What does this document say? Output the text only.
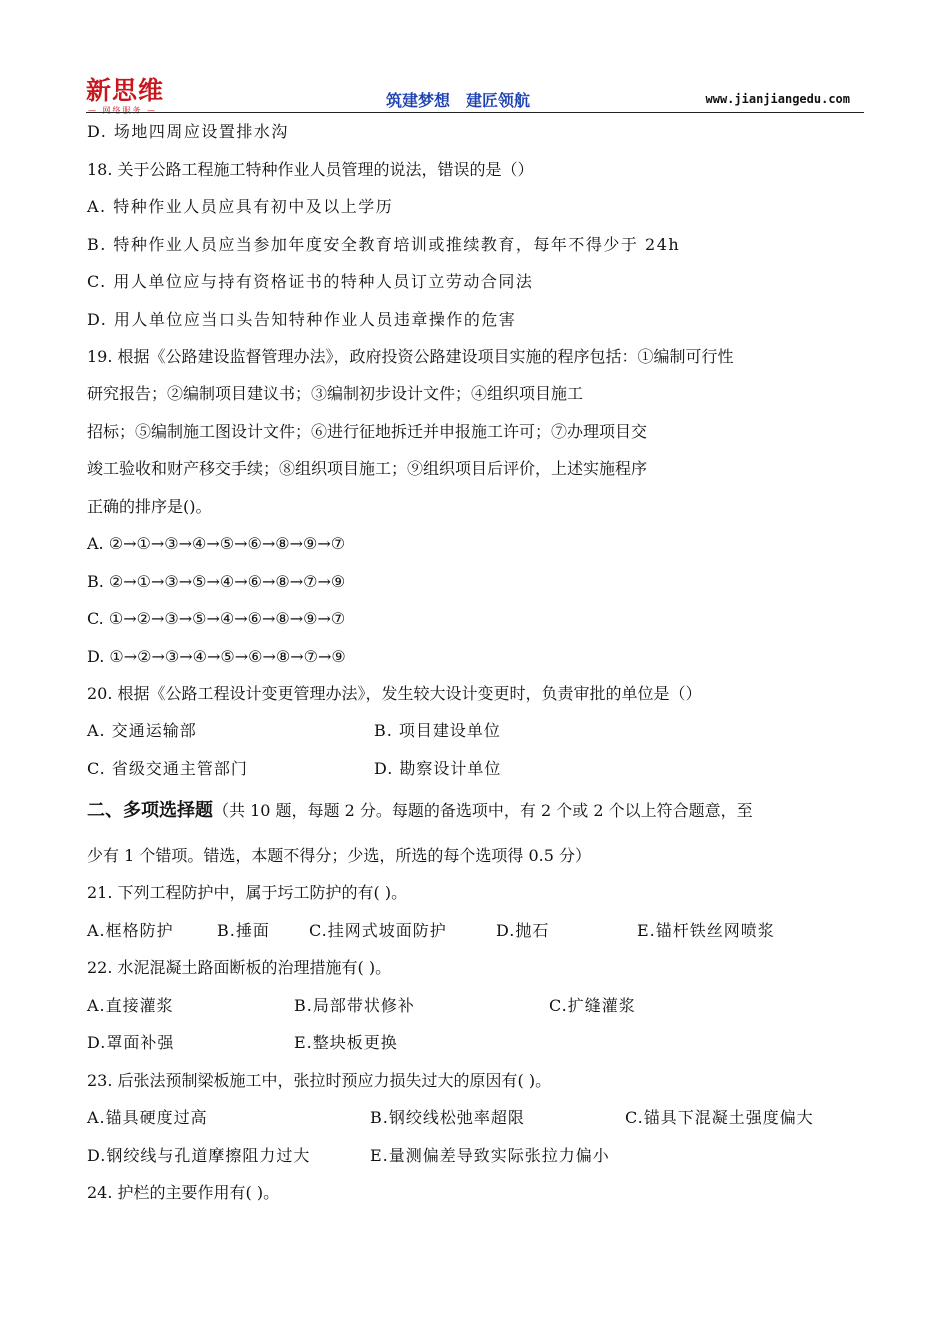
新思维
— 网络服务 —
筑建梦想　建匠领航	www.jianjiangedu.com
D. 场地四周应设置排水沟
18. 关于公路工程施工特种作业人员管理的说法，错误的是（）
A. 特种作业人员应具有初中及以上学历
B. 特种作业人员应当参加年度安全教育培训或推续教育，每年不得少于 24h
C. 用人单位应与持有资格证书的特种人员订立劳动合同法
D. 用人单位应当口头告知特种作业人员违章操作的危害
19. 根据《公路建设监督管理办法》，政府投资公路建设项目实施的程序包括：①编制可行性
研究报告；②编制项目建议书；③编制初步设计文件；④组织项目施工
招标；⑤编制施工图设计文件；⑥进行征地拆迁并申报施工许可；⑦办理项目交
竣工验收和财产移交手续；⑧组织项目施工；⑨组织项目后评价，上述实施程序
正确的排序是()。
A. ②→①→③→④→⑤→⑥→⑧→⑨→⑦
B. ②→①→③→⑤→④→⑥→⑧→⑦→⑨
C. ①→②→③→⑤→④→⑥→⑧→⑨→⑦
D. ①→②→③→④→⑤→⑥→⑧→⑦→⑨
20. 根据《公路工程设计变更管理办法》，发生较大设计变更时，负责审批的单位是（）
A. 交通运输部	B. 项目建设单位
C. 省级交通主管部门	D. 勘察设计单位
二、多项选择题（共 10 题，每题 2 分。每题的备选项中，有 2 个或 2 个以上符合题意，至
少有 1 个错项。错选，本题不得分；少选，所选的每个选项得 0.5 分）
21. 下列工程防护中，属于圬工防护的有( )。
A.框格防护	B.捶面 C.挂网式坡面防护	D.抛石	E.锚杆铁丝网喷浆
22. 水泥混凝土路面断板的治理措施有( )。
A.直接灌浆	B.局部带状修补	C.扩缝灌浆
D.罩面补强	E.整块板更换
23. 后张法预制梁板施工中，张拉时预应力损失过大的原因有( )。
A.锚具硬度过高	B.钢绞线松弛率超限	C.锚具下混凝土强度偏大
D.钢绞线与孔道摩擦阻力过大	E.量测偏差导致实际张拉力偏小
24. 护栏的主要作用有( )。
